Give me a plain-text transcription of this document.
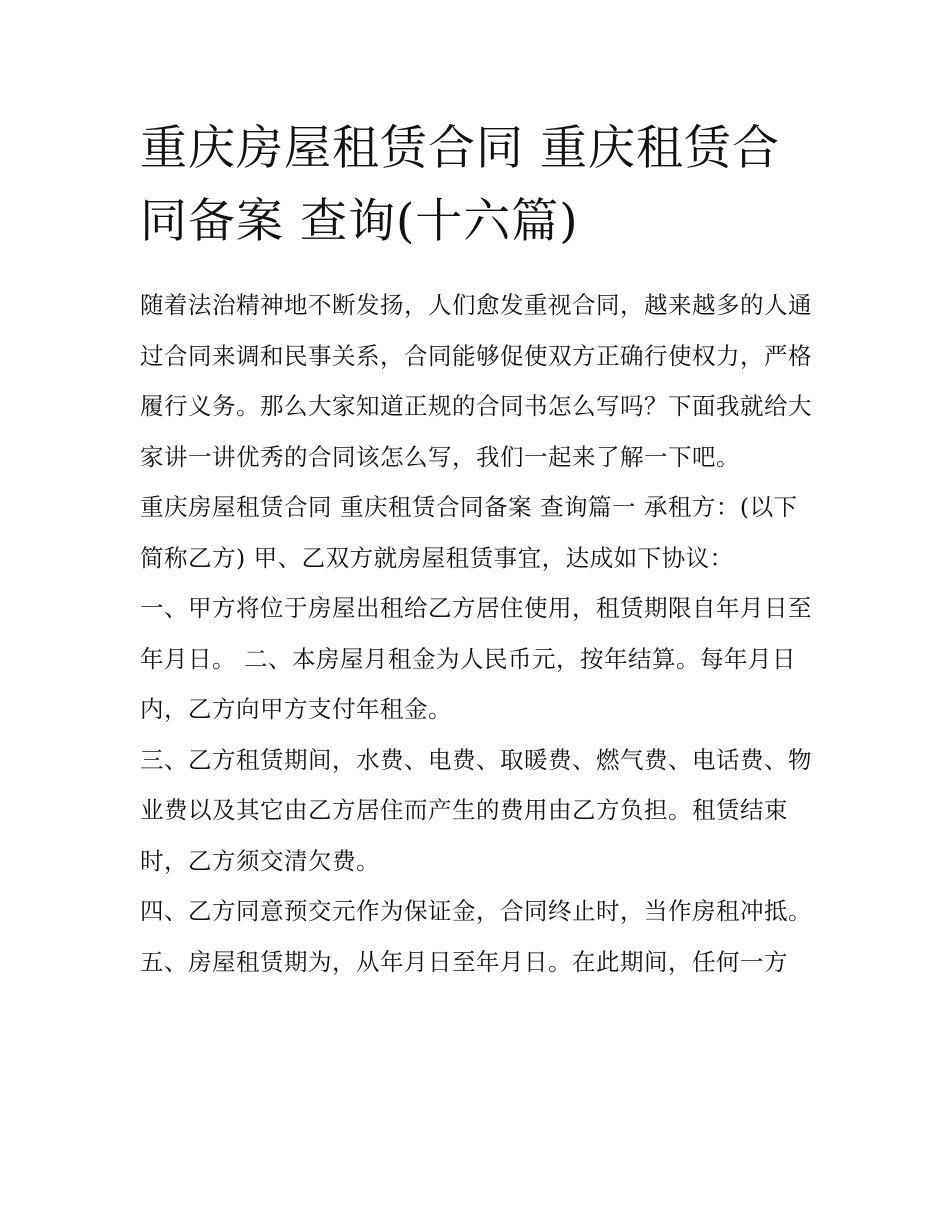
重庆房屋租赁合同 重庆租赁合同备案 查询(十六篇)

随着法治精神地不断发扬，人们愈发重视合同，越来越多的人通过合同来调和民事关系，合同能够促使双方正确行使权力，严格履行义务。那么大家知道正规的合同书怎么写吗？下面我就给大家讲一讲优秀的合同该怎么写，我们一起来了解一下吧。

重庆房屋租赁合同 重庆租赁合同备案 查询篇一 承租方：(以下简称乙方) 甲、乙双方就房屋租赁事宜，达成如下协议：

一、甲方将位于房屋出租给乙方居住使用，租赁期限自年月日至年月日。 二、本房屋月租金为人民币元，按年结算。每年月日内，乙方向甲方支付年租金。

三、乙方租赁期间，水费、电费、取暖费、燃气费、电话费、物业费以及其它由乙方居住而产生的费用由乙方负担。租赁结束时，乙方须交清欠费。

四、乙方同意预交元作为保证金，合同终止时，当作房租冲抵。

五、房屋租赁期为，从年月日至年月日。在此期间，任何一方
